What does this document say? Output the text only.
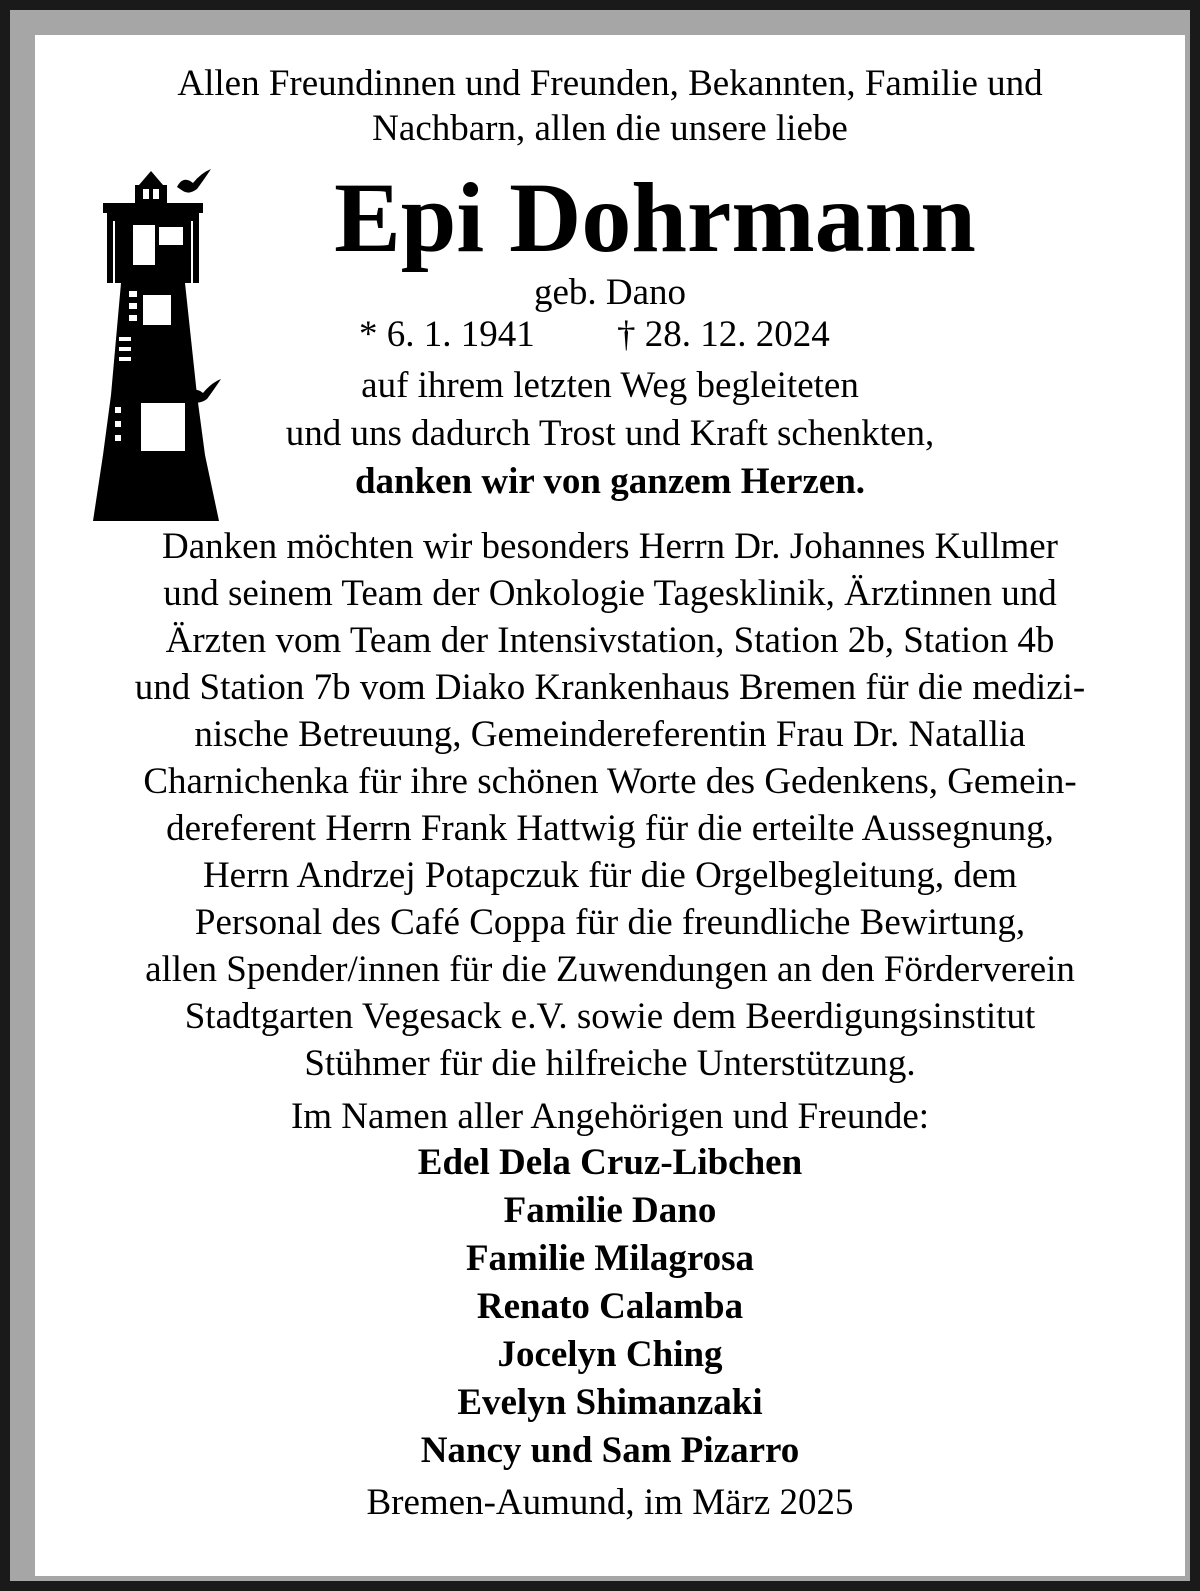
Allen Freundinnen und Freunden, Bekannten, Familie und
Nachbarn, allen die unsere liebe
Epi Dohrmann
geb. Dano
* 6. 1. 1941 † 28. 12. 2024
auf ihrem letzten Weg begleiteten
und uns dadurch Trost und Kraft schenkten,
danken wir von ganzem Herzen.
Danken möchten wir besonders Herrn Dr. Johannes Kullmer
und seinem Team der Onkologie Tagesklinik, Ärztinnen und
Ärzten vom Team der Intensivstation, Station 2b, Station 4b
und Station 7b vom Diako Krankenhaus Bremen für die medizi-
nische Betreuung, Gemeindereferentin Frau Dr. Natallia
Charnichenka für ihre schönen Worte des Gedenkens, Gemein-
dereferent Herrn Frank Hattwig für die erteilte Aussegnung,
Herrn Andrzej Potapczuk für die Orgelbegleitung, dem
Personal des Café Coppa für die freundliche Bewirtung,
allen Spender/innen für die Zuwendungen an den Förderverein
Stadtgarten Vegesack e.V. sowie dem Beerdigungsinstitut
Stühmer für die hilfreiche Unterstützung.
Im Namen aller Angehörigen und Freunde:
Edel Dela Cruz-Libchen
Familie Dano
Familie Milagrosa
Renato Calamba
Jocelyn Ching
Evelyn Shimanzaki
Nancy und Sam Pizarro
Bremen-Aumund, im März 2025
